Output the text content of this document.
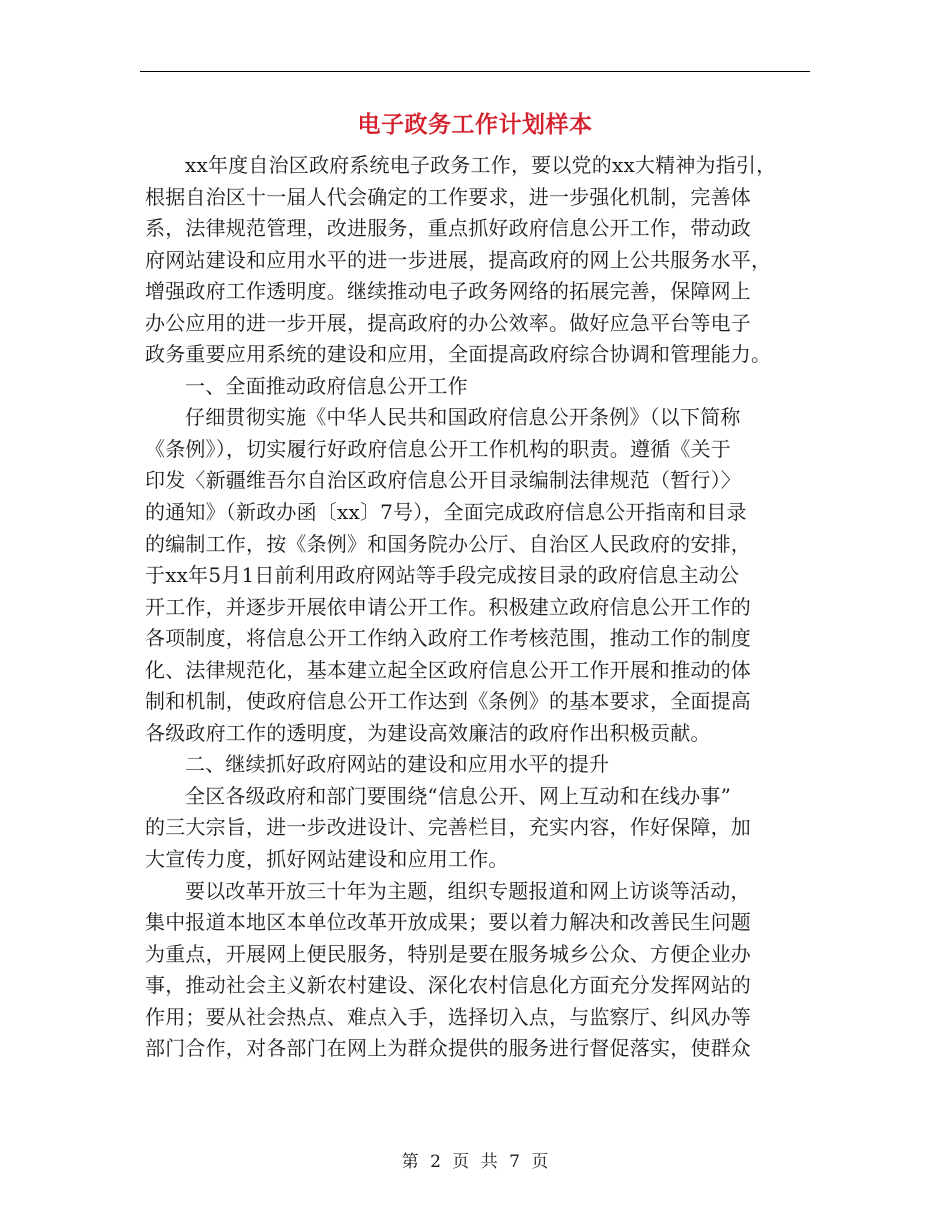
电子政务工作计划样本
xx年度自治区政府系统电子政务工作，要以党的xx大精神为指引，
根据自治区十一届人代会确定的工作要求，进一步强化机制，完善体
系，法律规范管理，改进服务，重点抓好政府信息公开工作，带动政
府网站建设和应用水平的进一步进展，提高政府的网上公共服务水平，
增强政府工作透明度。继续推动电子政务网络的拓展完善，保障网上
办公应用的进一步开展，提高政府的办公效率。做好应急平台等电子
政务重要应用系统的建设和应用，全面提高政府综合协调和管理能力。
一、全面推动政府信息公开工作
仔细贯彻实施《中华人民共和国政府信息公开条例》（以下简称
《条例》），切实履行好政府信息公开工作机构的职责。遵循《关于
印发〈新疆维吾尔自治区政府信息公开目录编制法律规范（暂行）〉
的通知》（新政办函〔xx〕7号），全面完成政府信息公开指南和目录
的编制工作，按《条例》和国务院办公厅、自治区人民政府的安排，
于xx年5月1日前利用政府网站等手段完成按目录的政府信息主动公
开工作，并逐步开展依申请公开工作。积极建立政府信息公开工作的
各项制度，将信息公开工作纳入政府工作考核范围，推动工作的制度
化、法律规范化，基本建立起全区政府信息公开工作开展和推动的体
制和机制，使政府信息公开工作达到《条例》的基本要求，全面提高
各级政府工作的透明度，为建设高效廉洁的政府作出积极贡献。
二、继续抓好政府网站的建设和应用水平的提升
全区各级政府和部门要围绕“信息公开、网上互动和在线办事”
的三大宗旨，进一步改进设计、完善栏目，充实内容，作好保障，加
大宣传力度，抓好网站建设和应用工作。
要以改革开放三十年为主题，组织专题报道和网上访谈等活动，
集中报道本地区本单位改革开放成果；要以着力解决和改善民生问题
为重点，开展网上便民服务，特别是要在服务城乡公众、方便企业办
事，推动社会主义新农村建设、深化农村信息化方面充分发挥网站的
作用；要从社会热点、难点入手，选择切入点，与监察厅、纠风办等
部门合作，对各部门在网上为群众提供的服务进行督促落实，使群众
第 2 页 共 7 页
